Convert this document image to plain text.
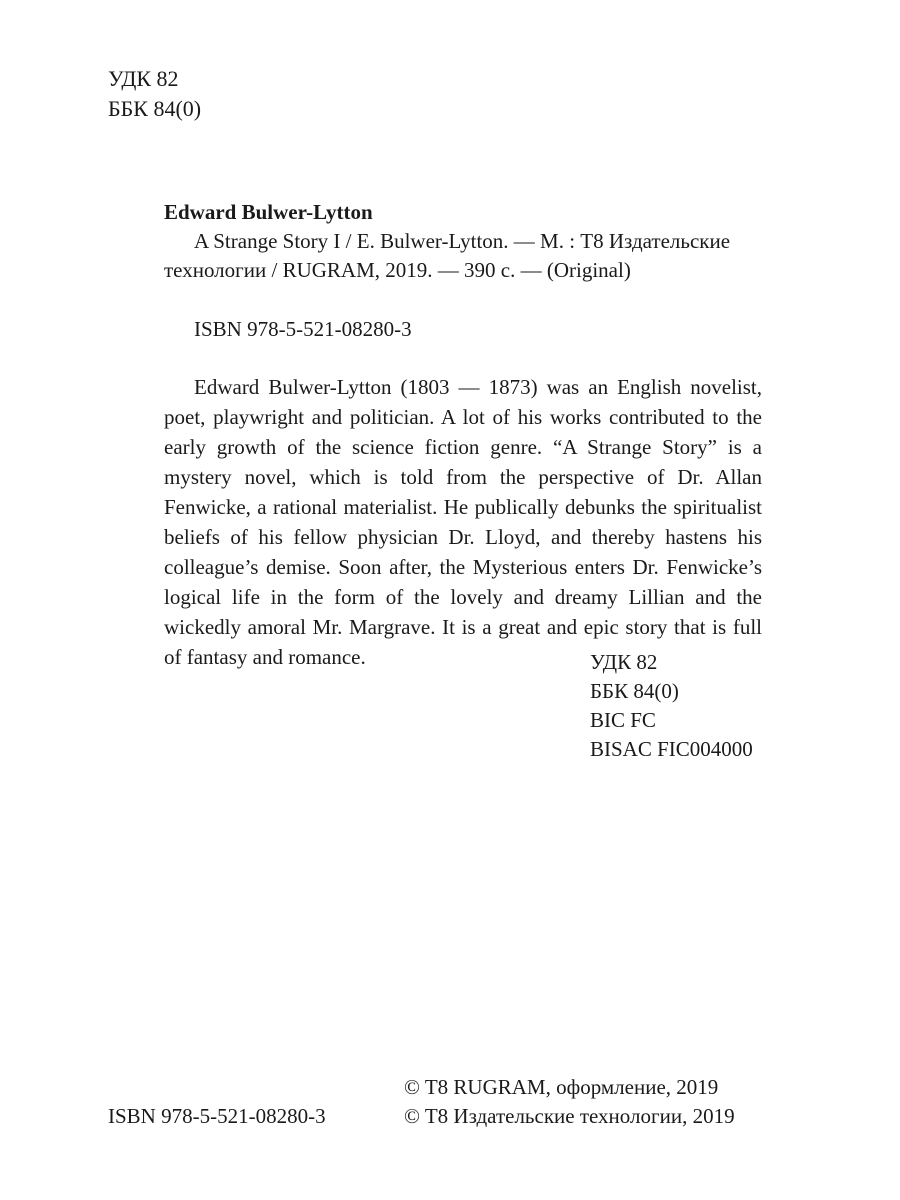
УДК 82
ББК 84(0)
Edward Bulwer-Lytton
A Strange Story I / E. Bulwer-Lytton. — М. : T8 Издательские технологии / RUGRAM, 2019. — 390 с. — (Original)
ISBN 978-5-521-08280-3
Edward Bulwer-Lytton (1803 — 1873) was an English novelist, poet, playwright and politician. A lot of his works contributed to the early growth of the science fiction genre. “A Strange Story” is a mystery novel, which is told from the perspective of Dr. Allan Fenwicke, a rational materialist. He publically debunks the spiritualist beliefs of his fellow physician Dr. Lloyd, and thereby hastens his colleague’s demise. Soon after, the Mysterious enters Dr. Fenwicke’s logical life in the form of the lovely and dreamy Lillian and the wickedly amoral Mr. Margrave. It is a great and epic story that is full of fantasy and romance.	УДК 82
ББК 84(0)
BIC FC
BISAC FIC004000
ISBN 978-5-521-08280-3
© T8 RUGRAM, оформление, 2019
© T8 Издательские технологии, 2019
